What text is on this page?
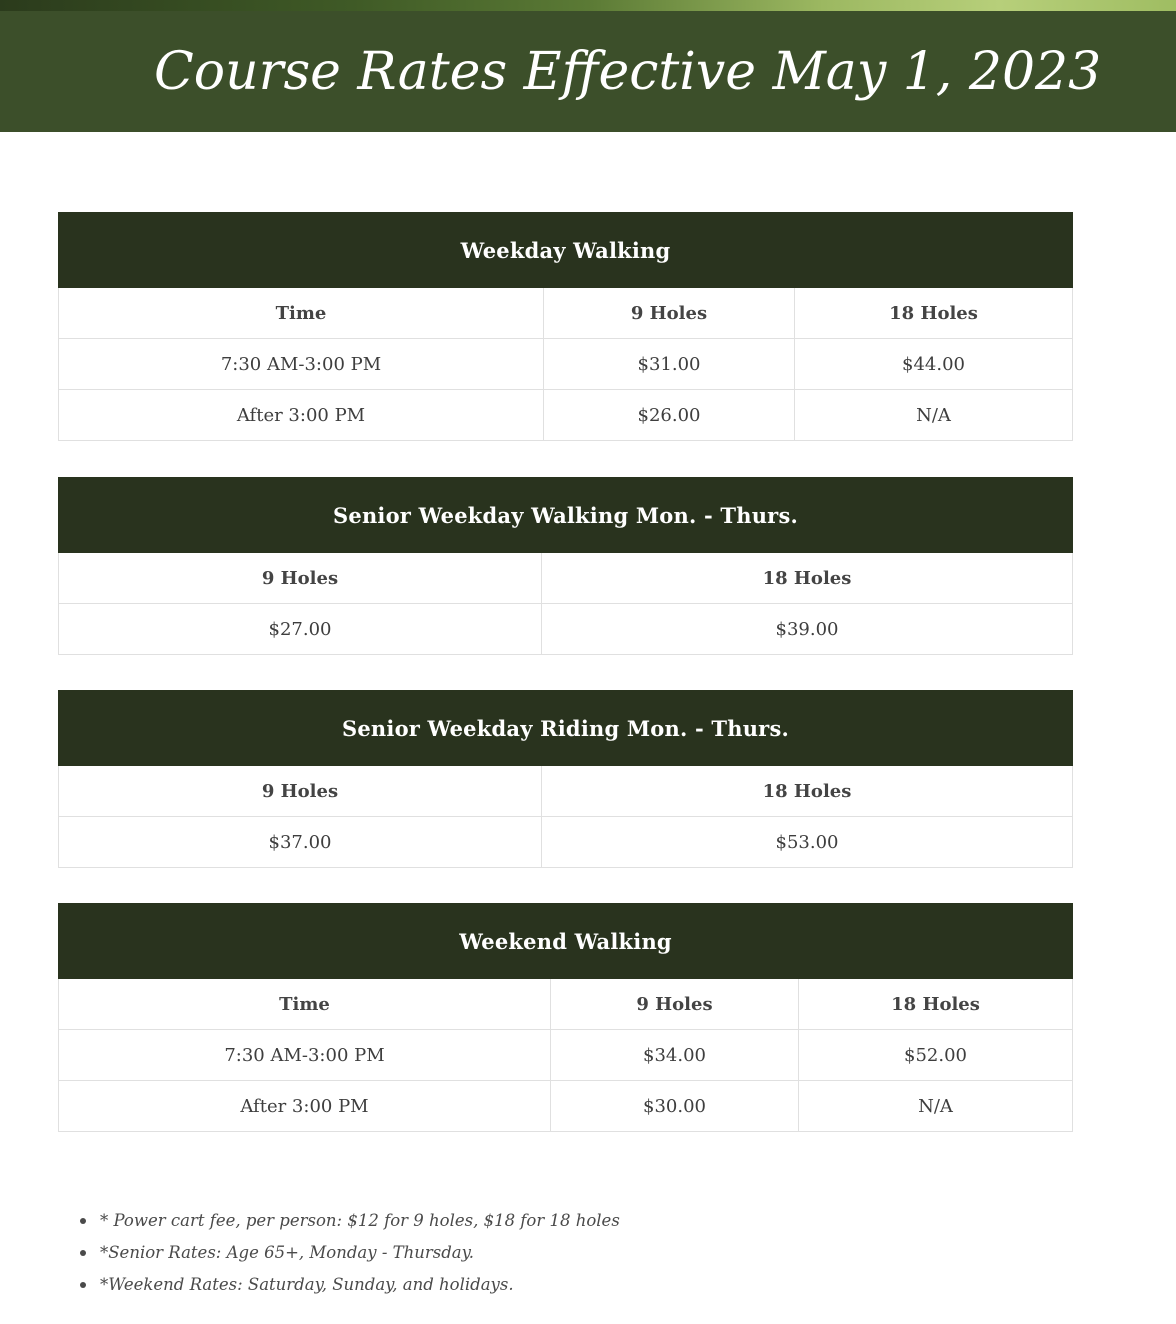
Course Rates Effective May 1, 2023
Weekday Walking		
Time	9 Holes	18 Holes
7:30 AM-3:00 PM	$31.00	$44.00
After 3:00 PM	$26.00	N/A
Senior Weekday Walking Mon. - Thurs.	
9 Holes	18 Holes
$27.00	$39.00
Senior Weekday Riding Mon. - Thurs.	
9 Holes	18 Holes
$37.00	$53.00
Weekend Walking		
Time	9 Holes	18 Holes
7:30 AM-3:00 PM	$34.00	$52.00
After 3:00 PM	$30.00	N/A
* Power cart fee, per person: $12 for 9 holes, $18 for 18 holes
*Senior Rates: Age 65+, Monday - Thursday.
*Weekend Rates: Saturday, Sunday, and holidays.
